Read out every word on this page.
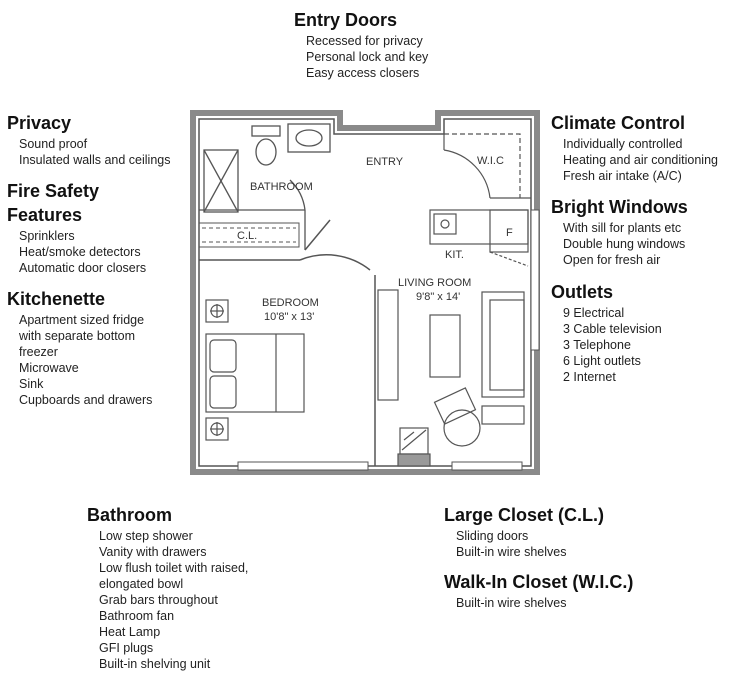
Entry Doors
Recessed for privacy
Personal lock and key
Easy access closers
Privacy
Sound proof
Insulated walls and ceilings
Fire Safety
Features
Sprinklers
Heat/smoke detectors
Automatic door closers
Kitchenette
Apartment sized fridge
with separate bottom
freezer
Microwave
Sink
Cupboards and drawers
Climate Control
Individually controlled
Heating and air conditioning
Fresh air intake (A/C)
Bright Windows
With sill for plants etc
Double hung windows
Open for fresh air
Outlets
9 Electrical
3 Cable television
3 Telephone
6 Light outlets
2 Internet
Bathroom
Low step shower
Vanity with drawers
Low flush toilet with raised,
elongated bowl
Grab bars throughout
Bathroom fan
Heat Lamp
GFI plugs
Built-in shelving unit
Large Closet (C.L.)
Sliding doors
Built-in wire shelves
Walk-In Closet (W.I.C.)
Built-in wire shelves
ENTRY	W.I.C
BATHROOM
C.L.
KIT.
F
LIVING ROOM
9'8" x 14'
BEDROOM
10'8" x 13'
